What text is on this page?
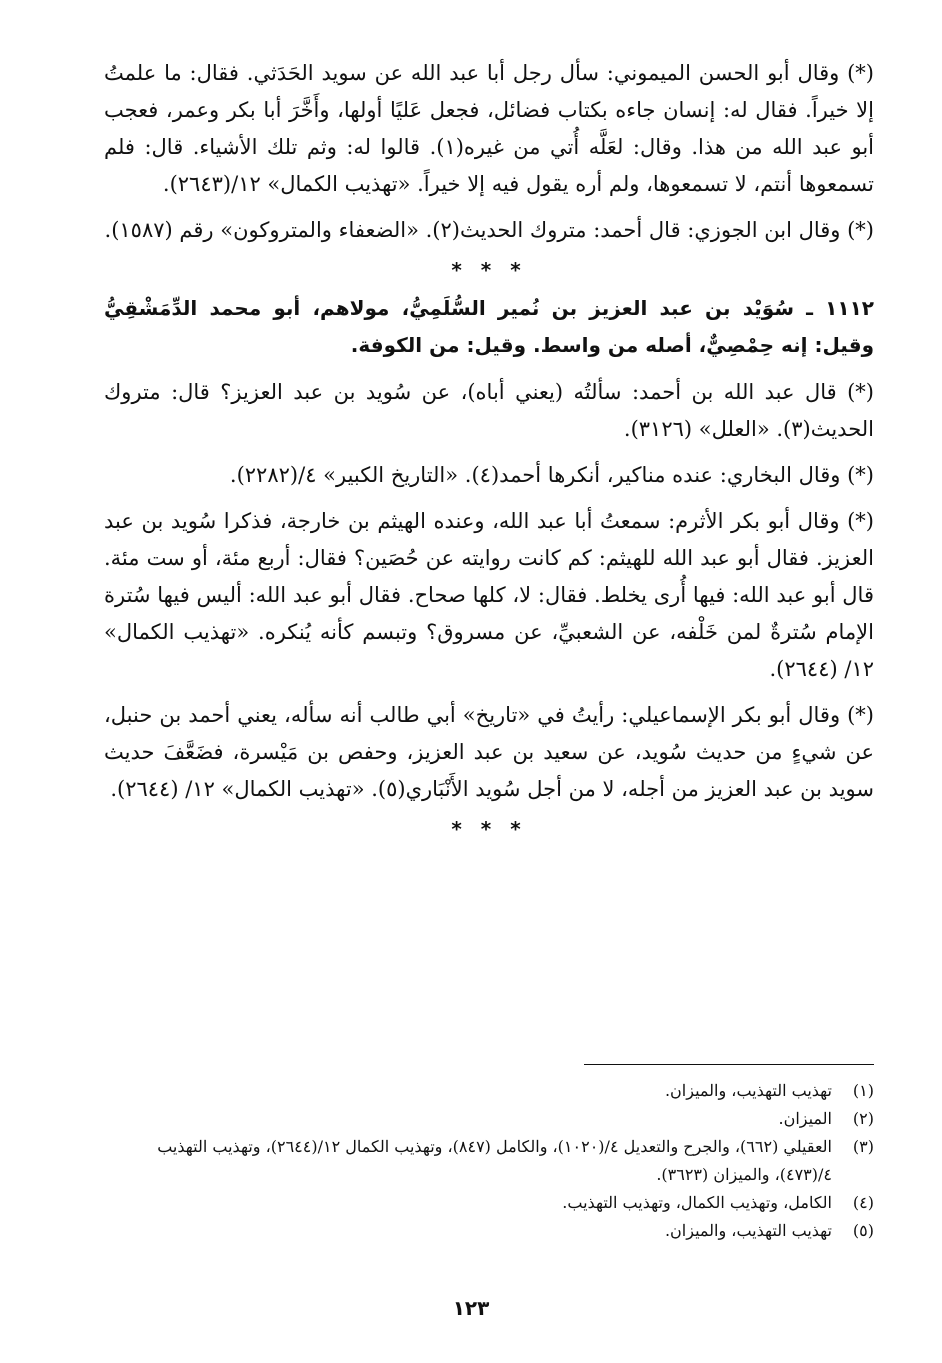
(*) وقال أبو الحسن الميموني: سأل رجل أبا عبد الله عن سويد الحَدَثي. فقال: ما علمتُ إلا خيراً. فقال له: إنسان جاءه بكتاب فضائل، فجعل عَليًا أولها، وأَخَّرَ أبا بكر وعمر، فعجب أبو عبد الله من هذا. وقال: لعَلَّه أُتي من غيره(١). قالوا له: وثم تلك الأشياء. قال: فلم تسمعوها أنتم، لا تسمعوها، ولم أره يقول فيه إلا خيراً. «تهذيب الكمال» ١٢/(٢٦٤٣).

(*) وقال ابن الجوزي: قال أحمد: متروك الحديث(٢). «الضعفاء والمتروكون» رقم (١٥٨٧).

* * *

١١١٢ ـ سُوَيْد بن عبد العزيز بن نُمير السُّلَمِيُّ، مولاهم، أبو محمد الدِّمَشْقِيُّ وقيل: إنه حِمْصِيٌّ، أصله من واسط. وقيل: من الكوفة.

(*) قال عبد الله بن أحمد: سألتُه (يعني أباه)، عن سُويد بن عبد العزيز؟ قال: متروك الحديث(٣). «العلل» (٣١٢٦).

(*) وقال البخاري: عنده مناكير، أنكرها أحمد(٤). «التاريخ الكبير» ٤/(٢٢٨٢).

(*) وقال أبو بكر الأثرم: سمعتُ أبا عبد الله، وعنده الهيثم بن خارجة، فذكرا سُويد بن عبد العزيز. فقال أبو عبد الله للهيثم: كم كانت روايته عن حُصَين؟ فقال: أربع مئة، أو ست مئة. قال أبو عبد الله: فيها أُرى يخلط. فقال: لا، كلها صحاح. فقال أبو عبد الله: أليس فيها سُترة الإمام سُترةٌ لمن خَلْفه، عن الشعبيِّ، عن مسروق؟ وتبسم كأنه يُنكره. «تهذيب الكمال» ١٢/ (٢٦٤٤).

(*) وقال أبو بكر الإسماعيلي: رأيتُ في «تاريخ» أبي طالب أنه سأله، يعني أحمد بن حنبل، عن شيءٍ من حديث سُويد، عن سعيد بن عبد العزيز، وحفص بن مَيْسرة، فضَعَّفَ حديث سويد بن عبد العزيز من أجله، لا من أجل سُويد الأَنْبَاري(٥). «تهذيب الكمال» ١٢/ (٢٦٤٤).

* * *
(١)
تهذيب التهذيب، والميزان.
(٢)
الميزان.
(٣)
العقيلي (٦٦٢)، والجرح والتعديل ٤/(١٠٢٠)، والكامل (٨٤٧)، وتهذيب الكمال ١٢/(٢٦٤٤)، وتهذيب التهذيب ٤/(٤٧٣)، والميزان (٣٦٢٣).
(٤)
الكامل، وتهذيب الكمال، وتهذيب التهذيب.
(٥)
تهذيب التهذيب، والميزان.
١٢٣
